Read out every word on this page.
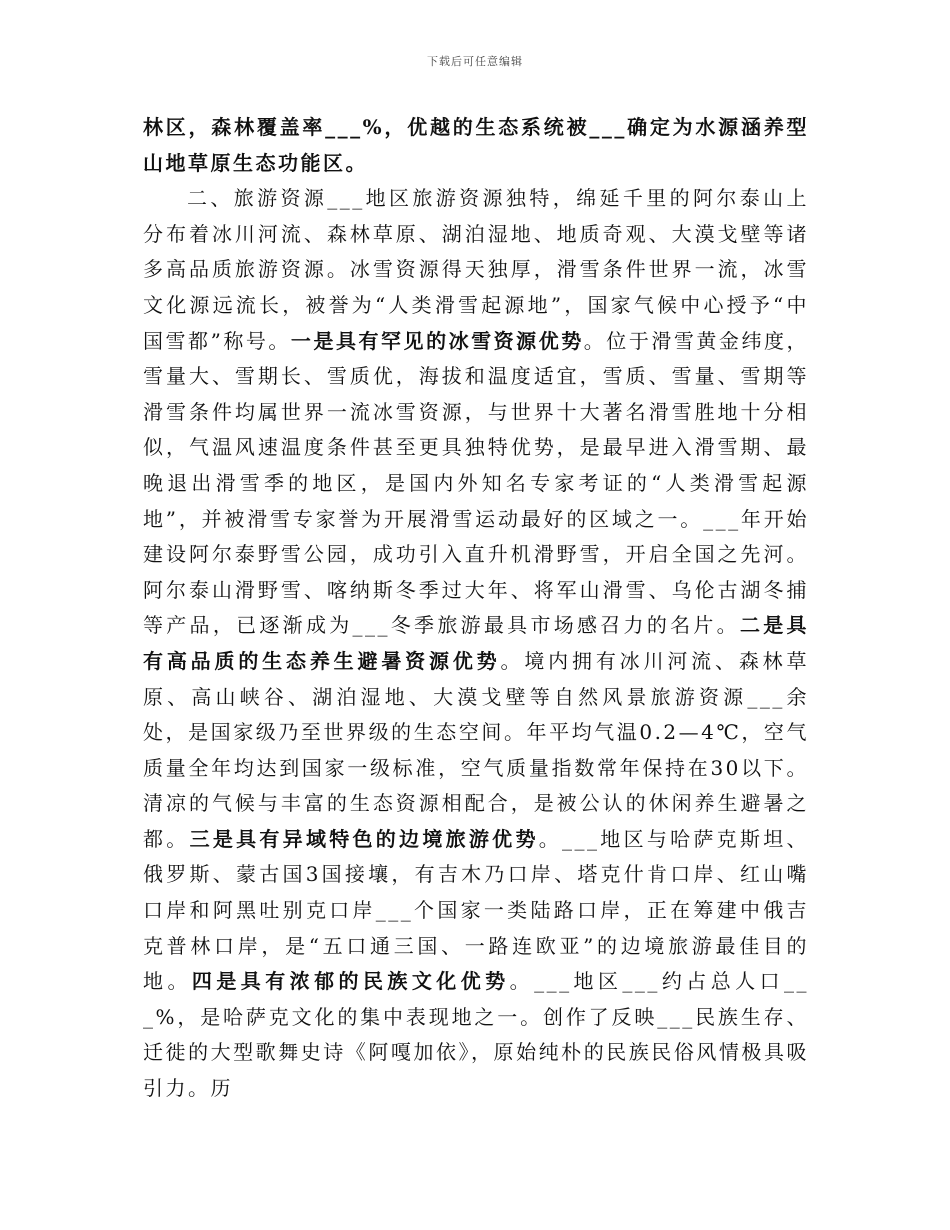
下载后可任意编辑

林区，森林覆盖率___%，优越的生态系统被___确定为水源涵养型山地草原生态功能区。

二、旅游资源___地区旅游资源独特，绵延千里的阿尔泰山上分布着冰川河流、森林草原、湖泊湿地、地质奇观、大漠戈壁等诸多高品质旅游资源。冰雪资源得天独厚，滑雪条件世界一流，冰雪文化源远流长，被誉为“人类滑雪起源地”，国家气候中心授予“中国雪都”称号。一是具有罕见的冰雪资源优势。位于滑雪黄金纬度，雪量大、雪期长、雪质优，海拔和温度适宜，雪质、雪量、雪期等滑雪条件均属世界一流冰雪资源，与世界十大著名滑雪胜地十分相似，气温风速温度条件甚至更具独特优势，是最早进入滑雪期、最晚退出滑雪季的地区，是国内外知名专家考证的“人类滑雪起源地”，并被滑雪专家誉为开展滑雪运动最好的区域之一。___年开始建设阿尔泰野雪公园，成功引入直升机滑野雪，开启全国之先河。阿尔泰山滑野雪、喀纳斯冬季过大年、将军山滑雪、乌伦古湖冬捕等产品，已逐渐成为___冬季旅游最具市场感召力的名片。二是具有高品质的生态养生避暑资源优势。境内拥有冰川河流、森林草原、高山峡谷、湖泊湿地、大漠戈壁等自然风景旅游资源___余处，是国家级乃至世界级的生态空间。年平均气温0.2—4℃，空气质量全年均达到国家一级标准，空气质量指数常年保持在30以下。清凉的气候与丰富的生态资源相配合，是被公认的休闲养生避暑之都。三是具有异域特色的边境旅游优势。___地区与哈萨克斯坦、俄罗斯、蒙古国3国接壤，有吉木乃口岸、塔克什肯口岸、红山嘴口岸和阿黑吐别克口岸___个国家一类陆路口岸，正在筹建中俄吉克普林口岸，是“五口通三国、一路连欧亚”的边境旅游最佳目的地。四是具有浓郁的民族文化优势。___地区___约占总人口___%，是哈萨克文化的集中表现地之一。创作了反映___民族生存、迁徙的大型歌舞史诗《阿嘎加依》，原始纯朴的民族民俗风情极具吸引力。历
